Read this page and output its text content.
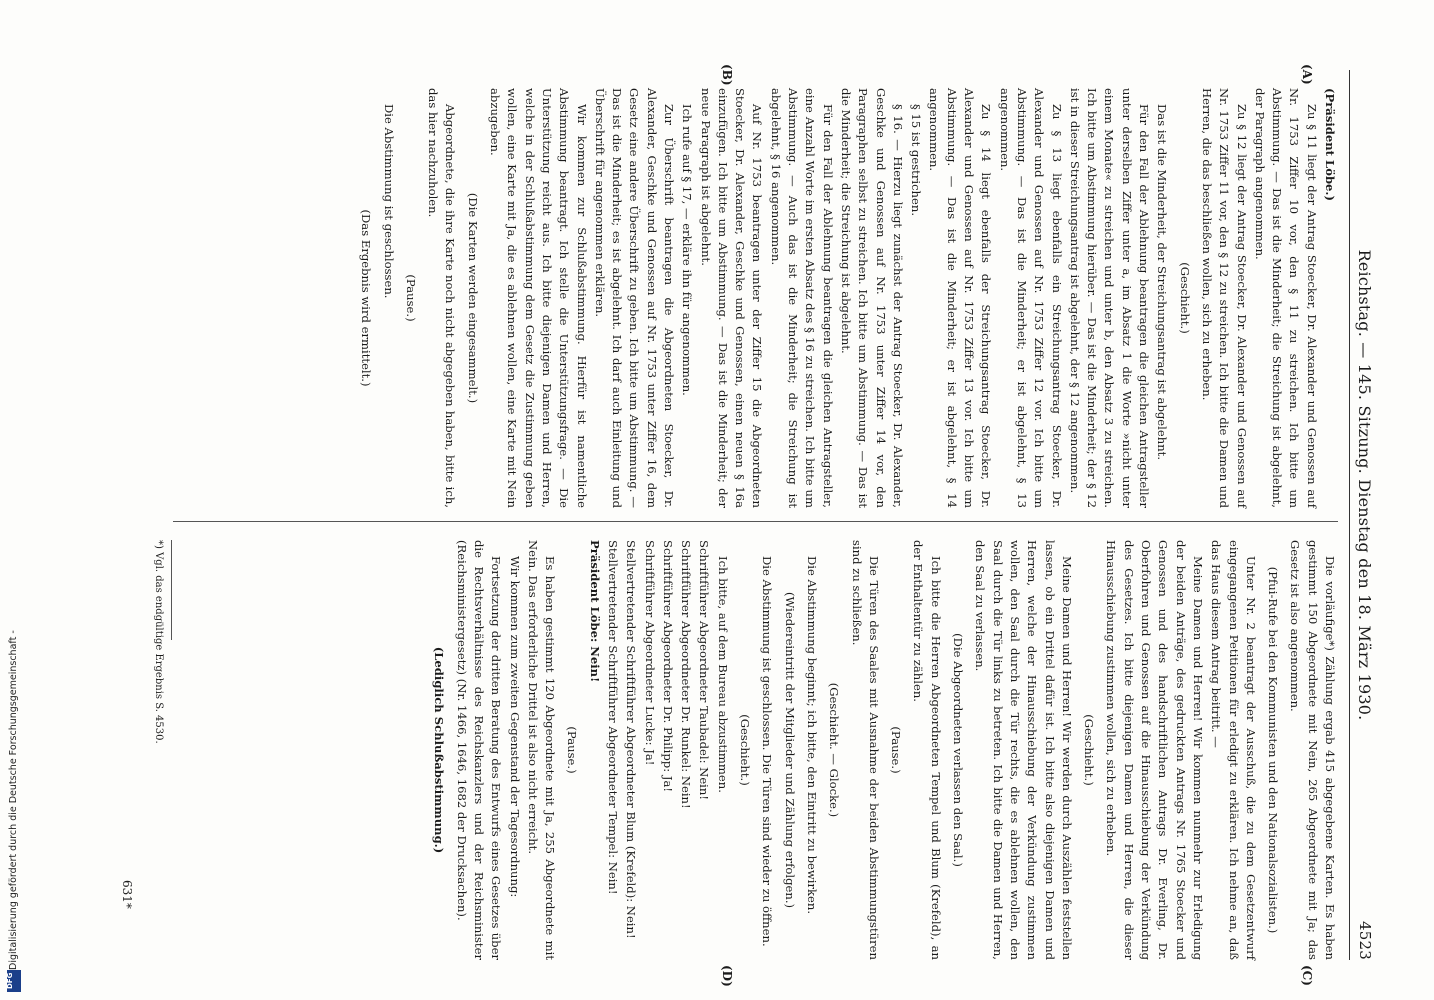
Reichstag. — 145. Sitzung. Dienstag den 18. März 1930.
4523
(A)
(B)
(C)
(D)

(Präsident Löbe.)

Zu § 11 liegt der Antrag Stoecker, Dr. Alexander und Genossen auf Nr. 1753 Ziffer 10 vor, den § 11 zu streichen. Ich bitte um Abstimmung. — Das ist die Minderheit; die Streichung ist abgelehnt, der Paragraph angenommen.

Zu § 12 liegt der Antrag Stoecker, Dr. Alexander und Genossen auf Nr. 1753 Ziffer 11 vor, den § 12 zu streichen. Ich bitte die Damen und Herren, die das beschließen wollen, sich zu erheben.

(Geschieht.)

Das ist die Minderheit, der Streichungsantrag ist abgelehnt.

Für den Fall der Ablehnung beantragen die gleichen Antragsteller unter derselben Ziffer unter a, im Absatz 1 die Worte »nicht unter einem Monate« zu streichen und unter b, den Absatz 3 zu streichen. Ich bitte um Abstimmung hierüber. — Das ist die Minderheit; der § 12 ist in dieser Streichungsantrag ist abgelehnt, der § 12 angenommen.

Zu § 13 liegt ebenfalls ein Streichungsantrag Stoecker, Dr. Alexander und Genossen auf Nr. 1753 Ziffer 12 vor. Ich bitte um Abstimmung. — Das ist die Minderheit; er ist abgelehnt, § 13 angenommen.

Zu § 14 liegt ebenfalls der Streichungsantrag Stoecker, Dr. Alexander und Genossen auf Nr. 1753 Ziffer 13 vor. Ich bitte um Abstimmung. — Das ist die Minderheit; er ist abgelehnt, § 14 angenommen.

§ 15 ist gestrichen.

§ 16. — Hierzu liegt zunächst der Antrag Stoecker, Dr. Alexander, Geschke und Genossen auf Nr. 1753 unter Ziffer 14 vor, den Paragraphen selbst zu streichen. Ich bitte um Abstimmung. — Das ist die Minderheit; die Streichung ist abgelehnt.

Für den Fall der Ablehnung beantragen die gleichen Antragsteller, eine Anzahl Worte im ersten Absatz des § 16 zu streichen. Ich bitte um Abstimmung. — Auch das ist die Minderheit; die Streichung ist abgelehnt, § 16 angenommen.

Auf Nr. 1753 beantragen unter der Ziffer 15 die Abgeordneten Stoecker, Dr. Alexander, Geschke und Genossen, einen neuen § 16a einzufügen. Ich bitte um Abstimmung. — Das ist die Minderheit; der neue Paragraph ist abgelehnt.

Ich rufe auf § 17, — erkläre ihn für angenommen.

Zur Überschrift beantragen die Abgeordneten Stoecker, Dr. Alexander, Geschke und Genossen auf Nr. 1753 unter Ziffer 16, dem Gesetz eine andere Überschrift zu geben. Ich bitte um Abstimmung. — Das ist die Minderheit; es ist abgelehnt. Ich darf auch Einleitung und Überschrift für angenommen erklären.

Wir kommen zur Schlußabstimmung. Hierfür ist namentliche Abstimmung beantragt. Ich stelle die Unterstützungsfrage. — Die Unterstützung reicht aus. Ich bitte diejenigen Damen und Herren, welche in der Schlußabstimmung dem Gesetz die Zustimmung geben wollen, eine Karte mit Ja, die es ablehnen wollen, eine Karte mit Nein abzugeben.

(Die Karten werden eingesammelt.)

Abgeordnete, die ihre Karte noch nicht abgegeben haben, bitte ich, das hier nachzuholen.

(Pause.)

Die Abstimmung ist geschlossen.

(Das Ergebnis wird ermittelt.)

Die vorläufige*) Zählung ergab 415 abgegebene Karten. Es haben gestimmt 150 Abgeordnete mit Nein, 265 Abgeordnete mit Ja; das Gesetz ist also angenommen.

(Pfui-Rufe bei den Kommunisten und den Nationalsozialisten.)

Unter Nr. 2 beantragt der Ausschuß, die zu dem Gesetzentwurf eingegangenen Petitionen für erledigt zu erklären. Ich nehme an, daß das Haus diesem Antrag beitritt. —

Meine Damen und Herren! Wir kommen nunmehr zur Erledigung der beiden Anträge, des gedruckten Antrags Nr. 1765 Stoecker und Genossen und des handschriftlichen Antrags Dr. Everling, Dr. Oberfohren und Genossen auf die Hinausschiebung der Verkündung des Gesetzes. Ich bitte diejenigen Damen und Herren, die dieser Hinausschiebung zustimmen wollen, sich zu erheben.

(Geschieht.)

Meine Damen und Herren! Wir werden durch Auszählen feststellen lassen, ob ein Drittel dafür ist. Ich bitte also diejenigen Damen und Herren, welche der Hinausschiebung der Verkündung zustimmen wollen, den Saal durch die Tür rechts, die es ablehnen wollen, den Saal durch die Tür links zu betreten. Ich bitte die Damen und Herren, den Saal zu verlassen.

(Die Abgeordneten verlassen den Saal.)

Ich bitte die Herren Abgeordneten Tempel und Blum (Krefeld), an der Enthaltentür zu zählen.

(Pause.)

Die Türen des Saales mit Ausnahme der beiden Abstimmungstüren sind zu schließen.

(Geschieht. — Glocke.)

Die Abstimmung beginnt; ich bitte, den Eintritt zu bewirken.

(Wiedereintritt der Mitglieder und Zählung erfolgen.)

Die Abstimmung ist geschlossen. Die Türen sind wieder zu öffnen.

(Geschieht.)

Ich bitte, auf dem Bureau abzustimmen.

Schriftführer Abgeordneter Taubadel: Nein!

Schriftführer Abgeordneter Dr. Runkel: Nein!

Schriftführer Abgeordneter Dr. Philipp: Ja!

Schriftführer Abgeordneter Lucke: Ja!

Stellvertretender Schriftführer Abgeordneter Blum (Krefeld): Nein!

Stellvertretender Schriftführer Abgeordneter Tempel: Nein!

Präsident Löbe: Nein!

(Pause.)

Es haben gestimmt 120 Abgeordnete mit Ja, 255 Abgeordnete mit Nein. Das erforderliche Drittel ist also nicht erreicht.

Wir kommen zum zweiten Gegenstand der Tagesordnung:

Fortsetzung der dritten Beratung des Entwurfs eines Gesetzes über die Rechtsverhältnisse des Reichskanzlers und der Reichsminister (Reichsministergesetz) (Nr. 1466, 1646, 1682 der Drucksachen).

(Lediglich Schlußabstimmung.)

*) Vgl. das endgültige Ergebnis S. 4530.
631*
Digitalisierung gefördert durch die Deutsche Forschungsgemeinschaft -
DFG
